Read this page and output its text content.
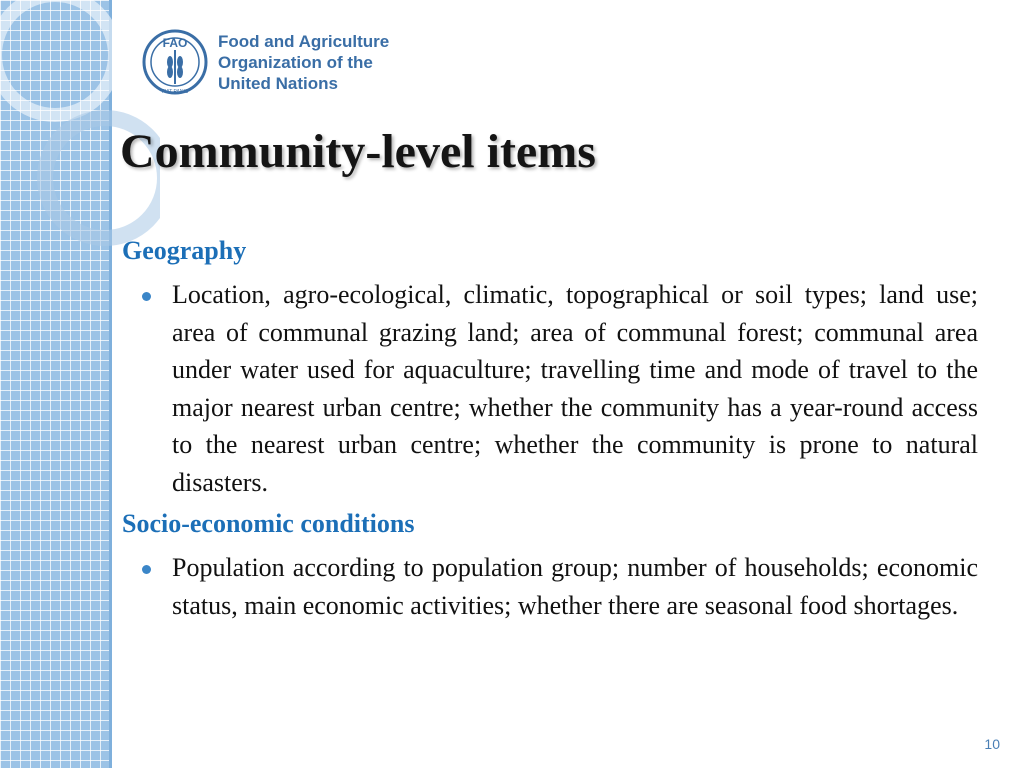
FAO
FIAT PANIS
Food and Agriculture
Organization of the
United Nations
Community-level items
Geography

Location, agro-ecological, climatic, topographical or soil types; land use; area of communal grazing land; area of communal forest; communal area under water used for aquaculture; travelling time and mode of travel to the major nearest urban centre; whether the community has a year-round access to the nearest urban centre; whether the community is prone to natural disasters.

Socio-economic conditions

Population according to population group; number of households; economic status, main economic activities; whether there are seasonal food shortages.

10
